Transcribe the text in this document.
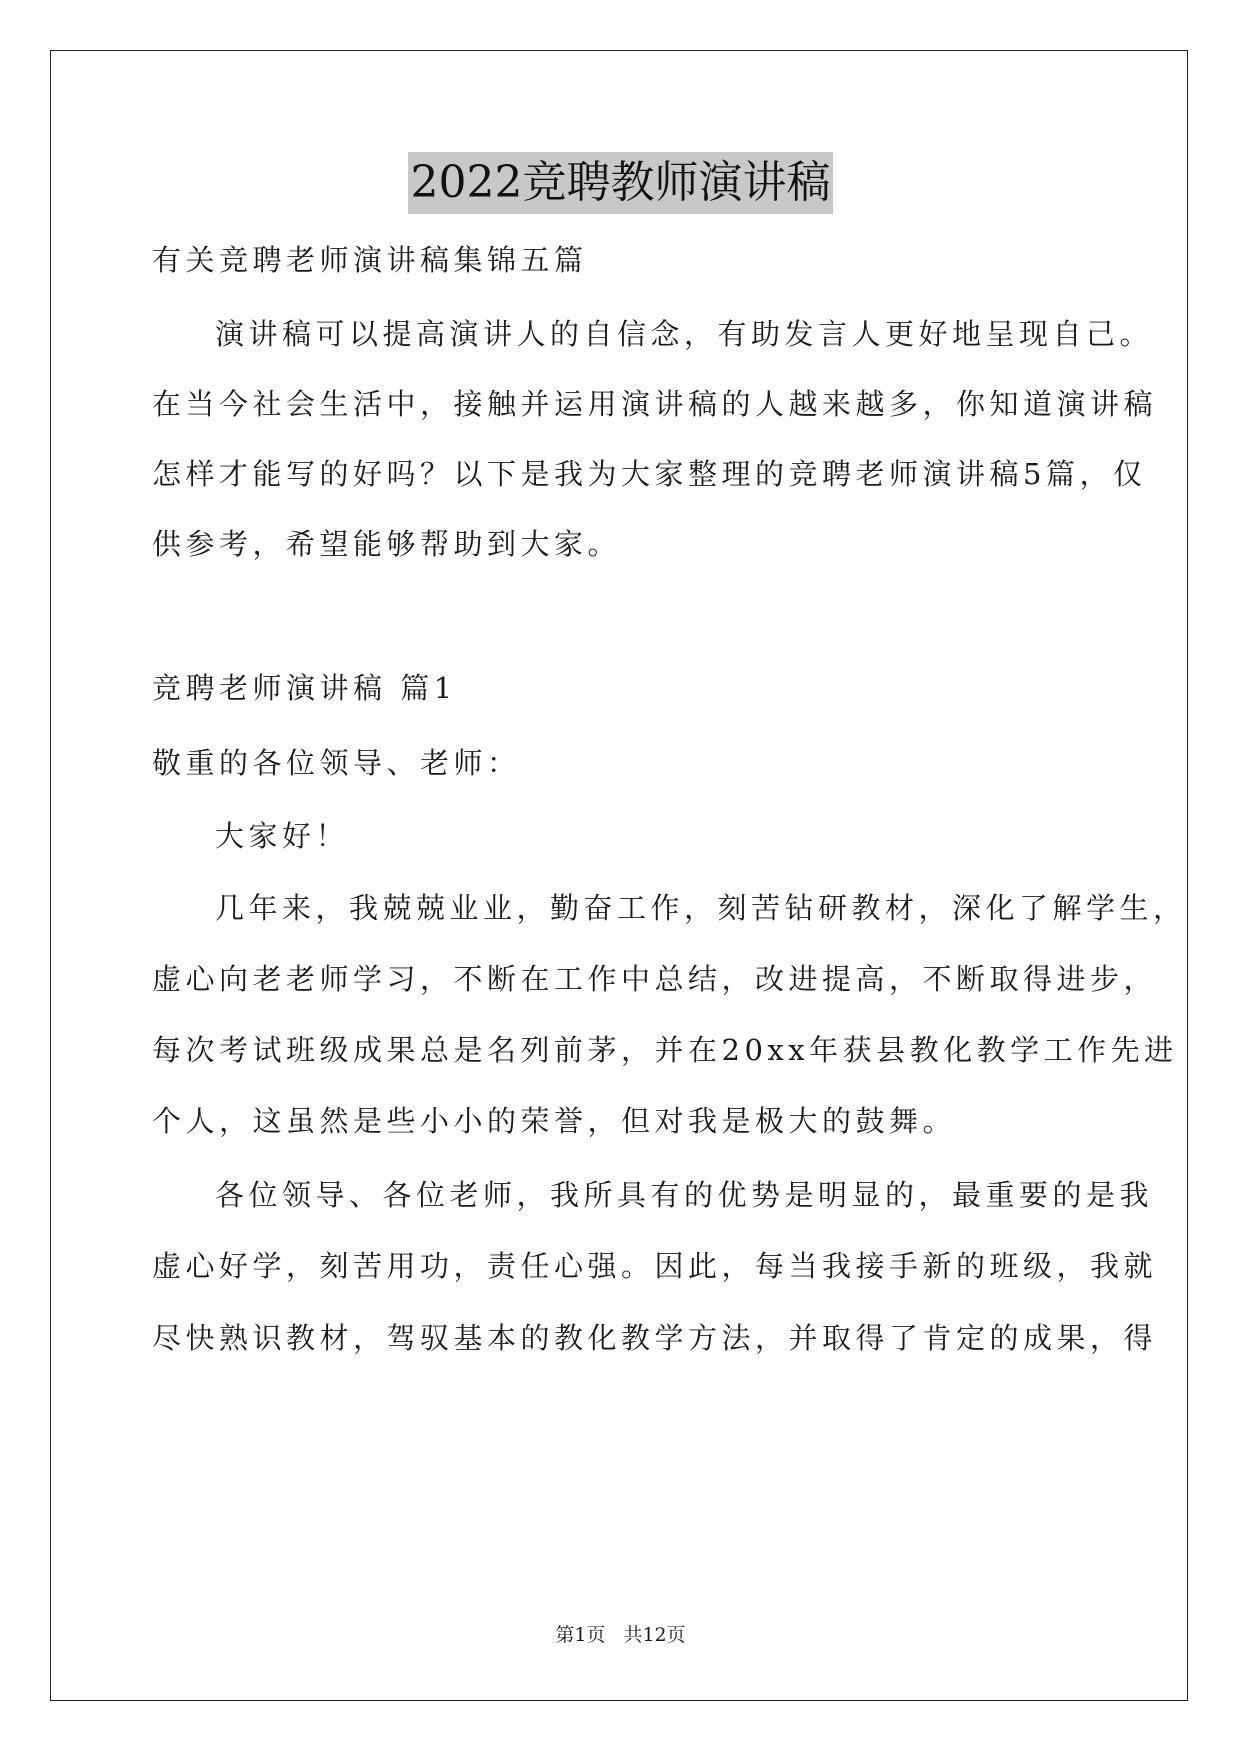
2022竞聘教师演讲稿
有关竞聘老师演讲稿集锦五篇
演讲稿可以提高演讲人的自信念，有助发言人更好地呈现自己。
在当今社会生活中，接触并运用演讲稿的人越来越多，你知道演讲稿
怎样才能写的好吗？以下是我为大家整理的竞聘老师演讲稿5篇，仅
供参考，希望能够帮助到大家。
竞聘老师演讲稿 篇1
敬重的各位领导、老师：
大家好！
几年来，我兢兢业业，勤奋工作，刻苦钻研教材，深化了解学生，
虚心向老老师学习，不断在工作中总结，改进提高，不断取得进步，
每次考试班级成果总是名列前茅，并在20xx年获县教化教学工作先进
个人，这虽然是些小小的荣誉，但对我是极大的鼓舞。
各位领导、各位老师，我所具有的优势是明显的，最重要的是我
虚心好学，刻苦用功，责任心强。因此，每当我接手新的班级，我就
尽快熟识教材，驾驭基本的教化教学方法，并取得了肯定的成果，得
第1页 共12页
